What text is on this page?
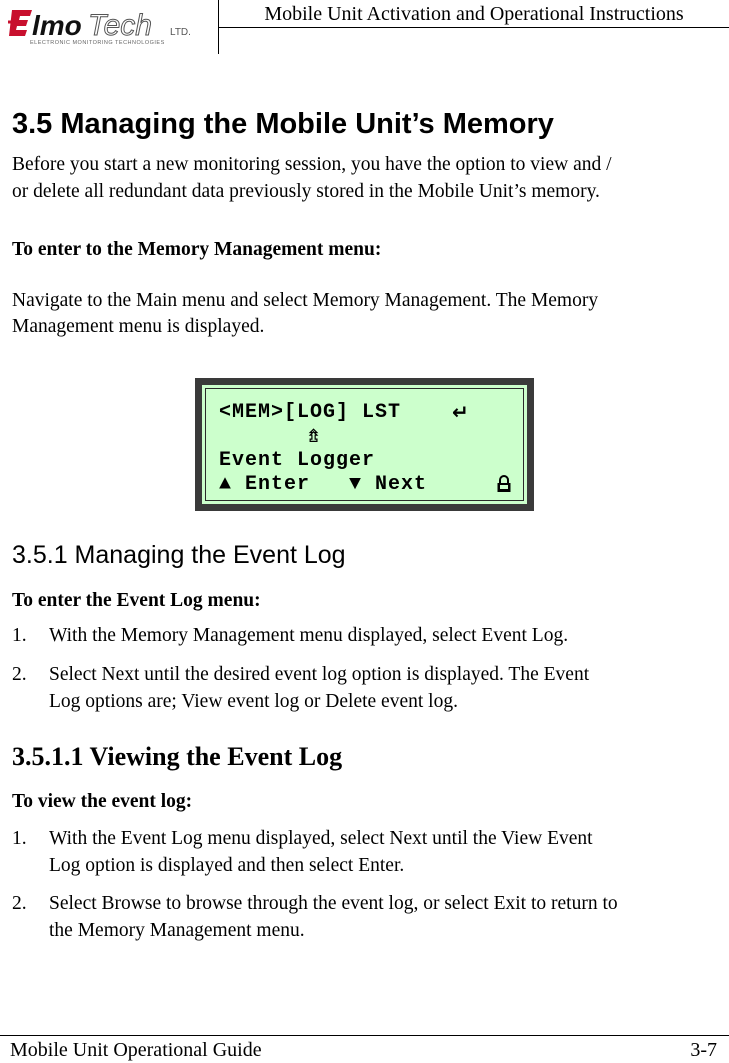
lmo Tech LTD.
ELECTRONIC MONITORING TECHNOLOGIES
Mobile Unit Activation and Operational Instructions
3.5 Managing the Mobile Unit’s Memory

Before you start a new monitoring session, you have the option to view and /

or delete all redundant data previously stored in the Mobile Unit’s memory.

To enter to the Memory Management menu:

Navigate to the Main menu and select Memory Management. The Memory

Management menu is displayed.

<MEM>[LOG] LST	↵
⇯

Event Logger

▲ Enter   ▼ Next

3.5.1 Managing the Event Log

To enter the Event Log menu:

1. With the Memory Management menu displayed, select Event Log.

2. Select Next until the desired event log option is displayed. The Event

Log options are; View event log or Delete event log.

3.5.1.1 Viewing the Event Log

To view the event log:

1. With the Event Log menu displayed, select Next until the View Event

Log option is displayed and then select Enter.

2. Select Browse to browse through the event log, or select Exit to return to

the Memory Management menu.

Mobile Unit Operational Guide	3-7
